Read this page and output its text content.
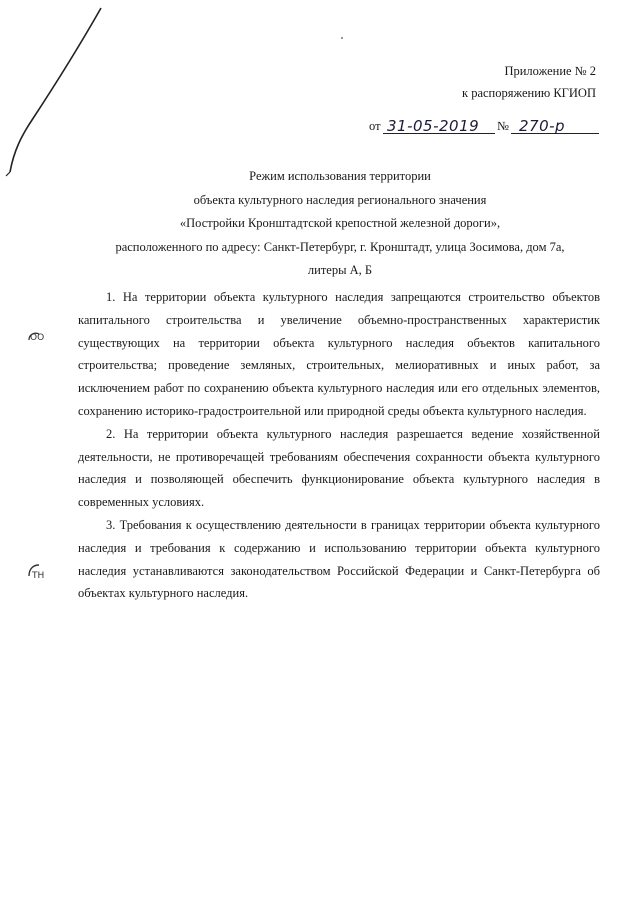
Приложение № 2
к распоряжению КГИОП
от 31-05-2019 № 270-р
Режим использования территории
объекта культурного наследия регионального значения
«Постройки Кронштадтской крепостной железной дороги»,
расположенного по адресу: Санкт-Петербург, г. Кронштадт, улица Зосимова, дом 7а,
литеры А, Б

1. На территории объекта культурного наследия запрещаются строительство объектов капитального строительства и увеличение объемно-пространственных характеристик существующих на территории объекта культурного наследия объектов капитального строительства; проведение земляных, строительных, мелиоративных и иных работ, за исключением работ по сохранению объекта культурного наследия или его отдельных элементов, сохранению историко-градостроительной или природной среды объекта культурного наследия.

2. На территории объекта культурного наследия разрешается ведение хозяйственной деятельности, не противоречащей требованиям обеспечения сохранности объекта культурного наследия и позволяющей обеспечить функционирование объекта культурного наследия в современных условиях.

3. Требования к осуществлению деятельности в границах территории объекта культурного наследия и требования к содержанию и использованию территории объекта культурного наследия устанавливаются законодательством Российской Федерации и Санкт-Петербурга об объектах культурного наследия.

ОО
ТН
